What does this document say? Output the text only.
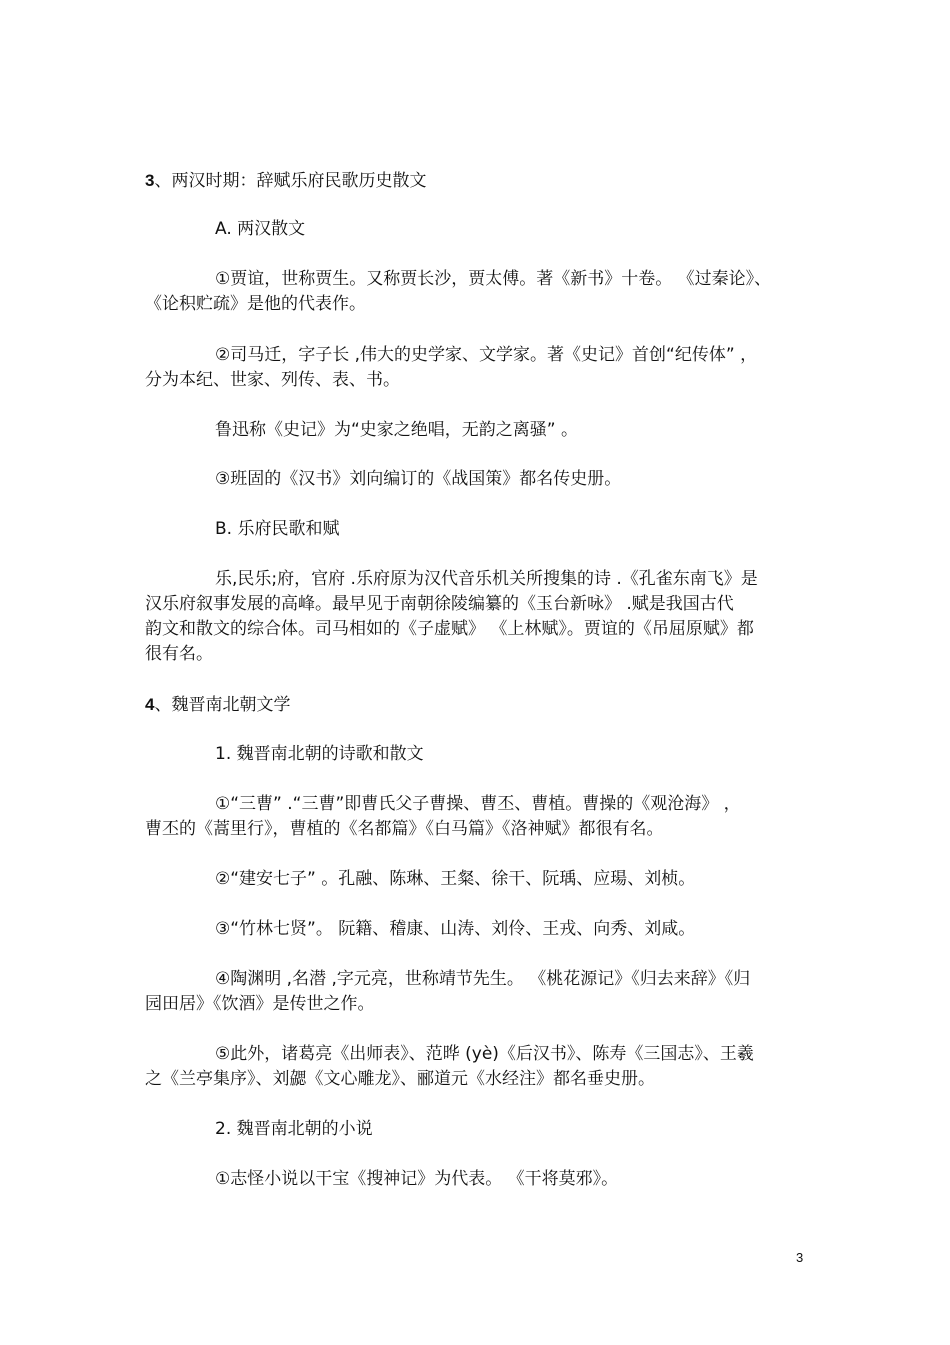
3、两汉时期：辞赋乐府民歌历史散文

A. 两汉散文

①贾谊，世称贾生。又称贾长沙，贾太傅。著《新书》十卷。 《过秦论》、

《论积贮疏》是他的代表作。

②司马迁，字子长 ,伟大的史学家、文学家。著《史记》首创“纪传体” ，

分为本纪、世家、列传、表、书。

鲁迅称《史记》为“史家之绝唱，无韵之离骚” 。

③班固的《汉书》刘向编订的《战国策》都名传史册。

B. 乐府民歌和赋

乐,民乐;府，官府 .乐府原为汉代音乐机关所搜集的诗 .《孔雀东南飞》是

汉乐府叙事发展的高峰。最早见于南朝徐陵编纂的《玉台新咏》 .赋是我国古代

韵文和散文的综合体。司马相如的《子虚赋》 《上林赋》。贾谊的《吊屈原赋》都

很有名。

4、魏晋南北朝文学

1. 魏晋南北朝的诗歌和散文

①“三曹” .“三曹”即曹氏父子曹操、曹丕、曹植。曹操的《观沧海》 ，

曹丕的《蒿里行》，曹植的《名都篇》《白马篇》《洛神赋》都很有名。

②“建安七子” 。孔融、陈琳、王粲、徐干、阮瑀、应瑒、刘桢。

③“竹林七贤”。 阮籍、稽康、山涛、刘伶、王戎、向秀、刘咸。

④陶渊明 ,名潜 ,字元亮，世称靖节先生。 《桃花源记》《归去来辞》《归

园田居》《饮酒》是传世之作。

⑤此外，诸葛亮《出师表》、范晔 (yè)《后汉书》、陈寿《三国志》、王羲

之《兰亭集序》、刘勰《文心雕龙》、郦道元《水经注》都名垂史册。

2. 魏晋南北朝的小说

①志怪小说以干宝《搜神记》为代表。 《干将莫邪》。

3
